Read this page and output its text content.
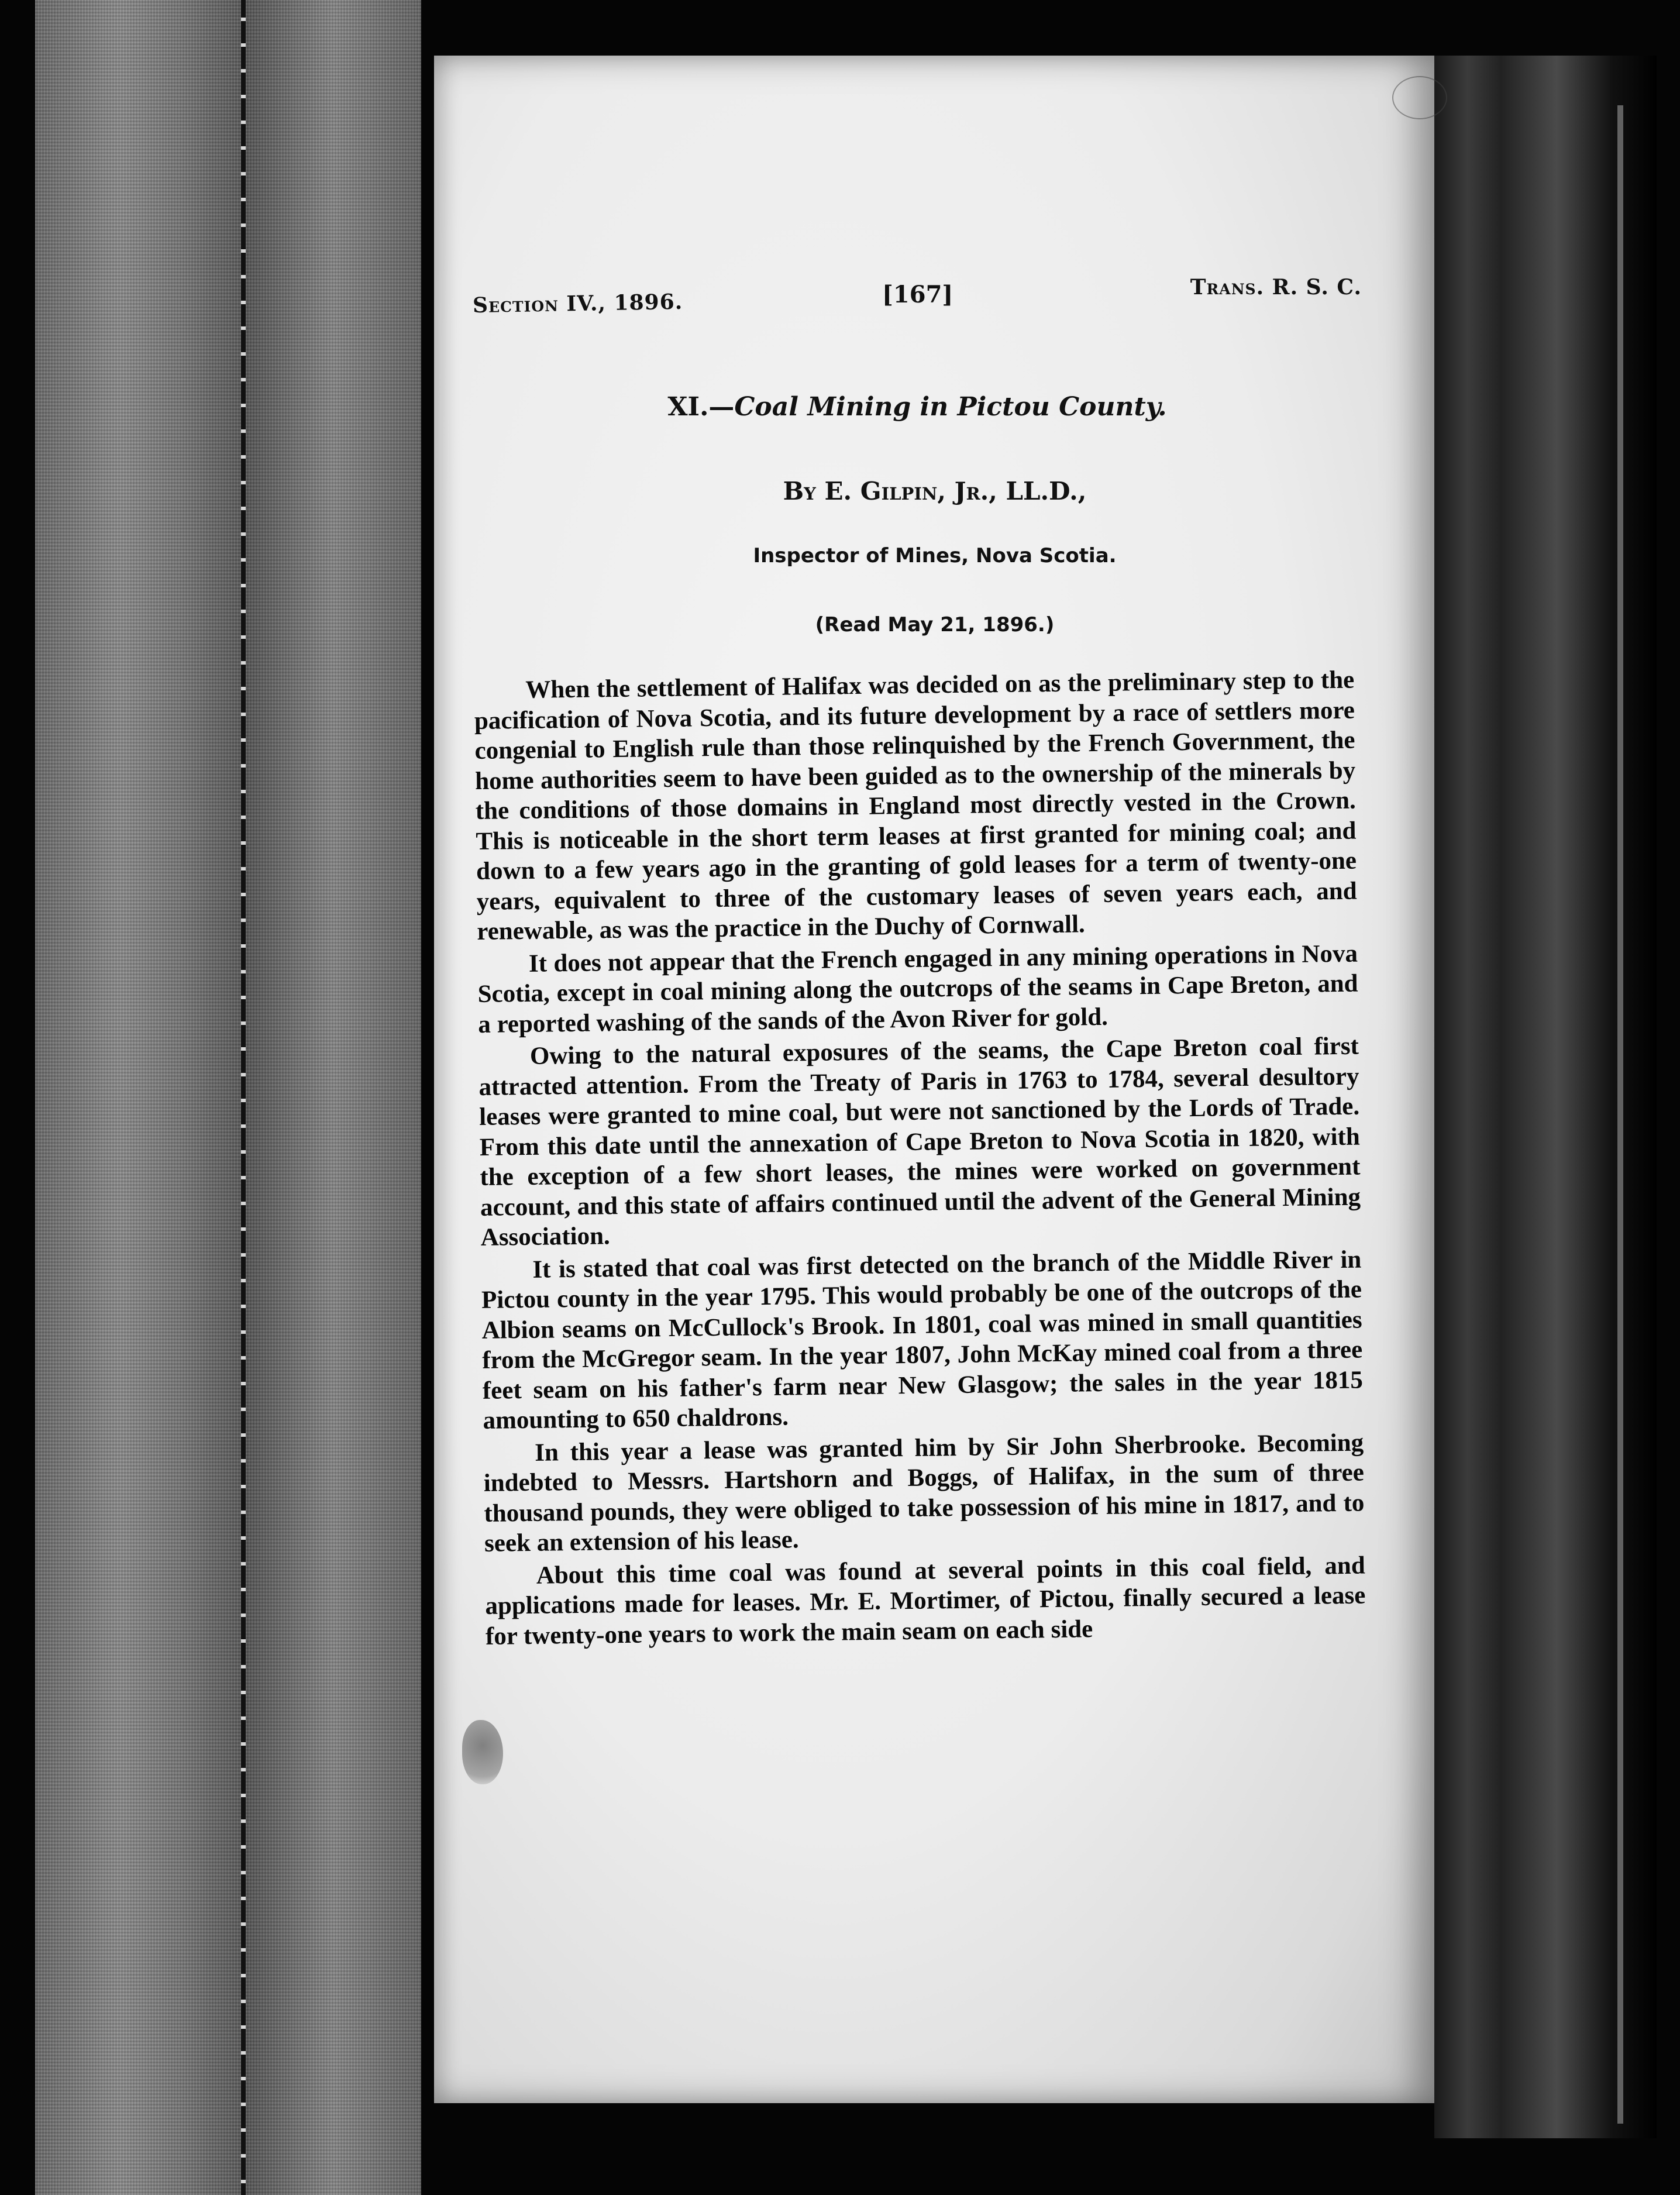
Section IV., 1896.	[167]	Trans. R. S. C.
XI.—Coal Mining in Pictou County.
By E. Gilpin, Jr., LL.D.,
Inspector of Mines, Nova Scotia.
(Read May 21, 1896.)

When the settlement of Halifax was decided on as the preliminary step to the pacification of Nova Scotia, and its future development by a race of settlers more congenial to English rule than those relinquished by the French Government, the home authorities seem to have been guided as to the ownership of the minerals by the conditions of those domains in England most directly vested in the Crown. This is noticeable in the short term leases at first granted for mining coal; and down to a few years ago in the granting of gold leases for a term of twenty-one years, equivalent to three of the customary leases of seven years each, and renewable, as was the practice in the Duchy of Cornwall.

It does not appear that the French engaged in any mining operations in Nova Scotia, except in coal mining along the outcrops of the seams in Cape Breton, and a reported washing of the sands of the Avon River for gold.

Owing to the natural exposures of the seams, the Cape Breton coal first attracted attention. From the Treaty of Paris in 1763 to 1784, several desultory leases were granted to mine coal, but were not sanctioned by the Lords of Trade. From this date until the annexation of Cape Breton to Nova Scotia in 1820, with the exception of a few short leases, the mines were worked on government account, and this state of affairs continued until the advent of the General Mining Association.

It is stated that coal was first detected on the branch of the Middle River in Pictou county in the year 1795. This would probably be one of the outcrops of the Albion seams on McCullock's Brook. In 1801, coal was mined in small quantities from the McGregor seam. In the year 1807, John McKay mined coal from a three feet seam on his father's farm near New Glasgow; the sales in the year 1815 amounting to 650 chaldrons.

In this year a lease was granted him by Sir John Sherbrooke. Becoming indebted to Messrs. Hartshorn and Boggs, of Halifax, in the sum of three thousand pounds, they were obliged to take possession of his mine in 1817, and to seek an extension of his lease.

About this time coal was found at several points in this coal field, and applications made for leases. Mr. E. Mortimer, of Pictou, finally secured a lease for twenty-one years to work the main seam on each side
